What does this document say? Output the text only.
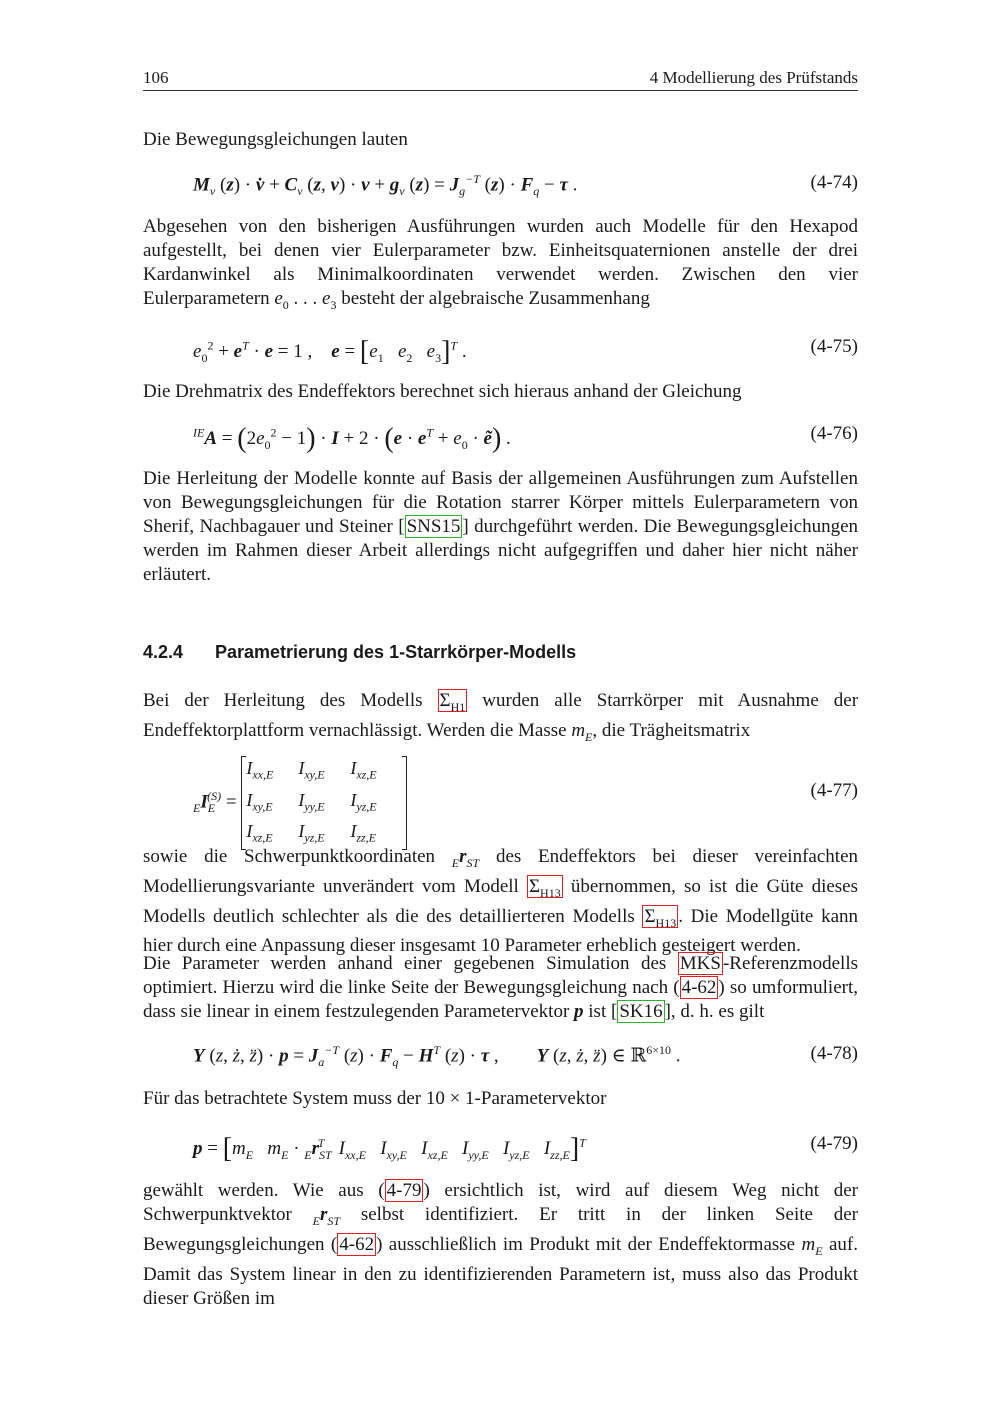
106	4 Modellierung des Prüfstands

Die Bewegungsgleichungen lauten

$M_v$ (z) · v̇ + $C_v$ (z, $v) \cdot v + g_v$ $(z) = J_g^{-T}$ $(z) \cdot F_q - \tau$ .	(4-74)

Abgesehen von den bisherigen Ausführungen wurden auch Modelle für den Hexapod aufgestellt, bei denen vier Eulerparameter bzw. Einheitsquaternionen anstelle der drei Kardanwinkel als Minimalkoordinaten verwendet werden. Zwischen den vier Eulerparametern $e_0$ . . . $e_3$ besteht der algebraische Zusammenhang

$e_0^2 + e^T \cdot e = 1$ ,    $e = [e_1$ $e_2$ $e_3]^T$ .	(4-75)

Die Drehmatrix des Endeffektors berechnet sich hieraus anhand der Gleichung

$^{IE}A = (2e_0^2 - 1) \cdot I + 2 \cdot (e \cdot e^T + e_0$ · ẽ) .	(4-76)

Die Herleitung der Modelle konnte auf Basis der allgemeinen Ausführungen zum Aufstellen von Bewegungsgleichungen für die Rotation starrer Körper mittels Eulerparametern von Sherif, Nachbagauer und Steiner [ SNS15 ] durchgeführt werden. Die Bewegungsgleichungen werden im Rahmen dieser Arbeit allerdings nicht aufgegriffen und daher hier nicht näher erläutert.

4.2.4 Parametrierung des 1-Starrkörper-Modells

Bei der Herleitung des Modells $\Sigma_{H1}$ wurden alle Starrkörper mit Ausnahme der Endeffektorplattform vernachlässigt. Werden die Masse $m_E$, die Trägheitsmatrix

$_EI_E^{(S)}$ =
$I_{xx,E}$	$I_{xy,E}$	$I_{xz,E}$
$I_{xy,E}$	$I_{yy,E}$	$I_{yz,E}$
$I_{xz,E}$	$I_{yz,E}$	$I_{zz,E}$
(4-77)

sowie die Schwerpunktkoordinaten $_Er_{ST}$ des Endeffektors bei dieser vereinfachten Modellierungsvariante unverändert vom Modell $\Sigma_{H13}$ übernommen, so ist die Güte dieses Modells deutlich schlechter als die des detaillierteren Modells $\Sigma_{H13}$ . Die Modellgüte kann hier durch eine Anpassung dieser insgesamt 10 Parameter erheblich gesteigert werden.

Die Parameter werden anhand einer gegebenen Simulation des MKS -Referenzmodells optimiert. Hierzu wird die linke Seite der Bewegungsgleichung nach ( 4-62 ) so umformuliert, dass sie linear in einem festzulegenden Parametervektor p ist [ SK16 ], d. h. es gilt

Y (z, ż, z̈) · $p = J_a^{-T}$ $(z) \cdot F_q - H^T$ (z) · τ ,        Y (z, ż, z̈) ∈ ℝ$^{6\times 10}$ .	(4-78)

Für das betrachtete System muss der 10 × 1-Parametervektor

$p = [m_E$ $m_E \cdot _Er_{ST}^T$ $I_{xx,E}$ $I_{xy,E}$ $I_{xz,E}$ $I_{yy,E}$ $I_{yz,E}$ $I_{zz,E}]^T$	(4-79)

gewählt werden. Wie aus ( 4-79 ) ersichtlich ist, wird auf diesem Weg nicht der Schwerpunktvektor $_Er_{ST}$ selbst identifiziert. Er tritt in der linken Seite der Bewegungsgleichungen ( 4-62 ) ausschließlich im Produkt mit der Endeffektormasse $m_E$ auf. Damit das System linear in den zu identifizierenden Parametern ist, muss also das Produkt dieser Größen im
